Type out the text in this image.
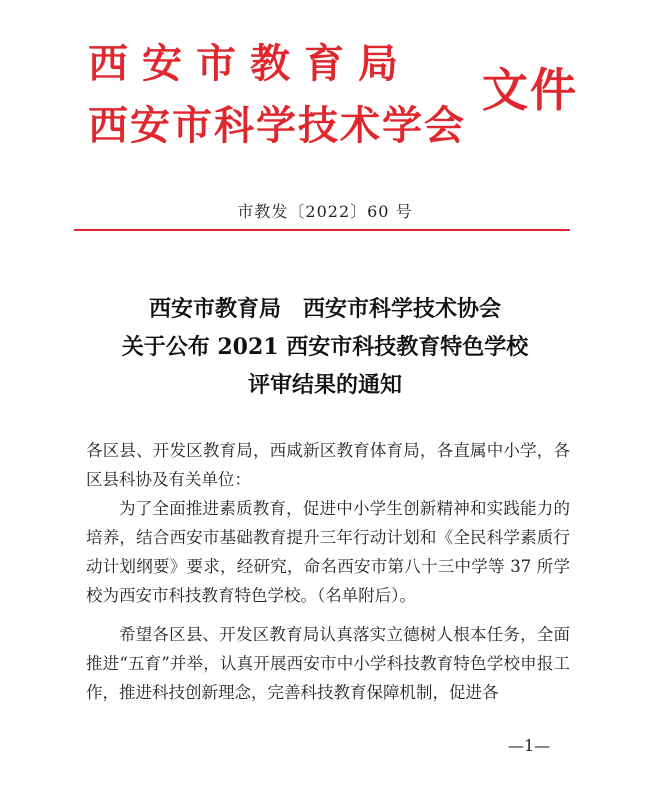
西安市教育局
西安市科学技术学会
文件
市教发〔2022〕60 号
西安市教育局　西安市科学技术协会
关于公布 2021 西安市科技教育特色学校
评审结果的通知

各区县、开发区教育局，西咸新区教育体育局，各直属中小学，各区县科协及有关单位：

为了全面推进素质教育，促进中小学生创新精神和实践能力的培养，结合西安市基础教育提升三年行动计划和《全民科学素质行动计划纲要》要求，经研究，命名西安市第八十三中学等 37 所学校为西安市科技教育特色学校。（名单附后）。

希望各区县、开发区教育局认真落实立德树人根本任务，全面推进“五育”并举，认真开展西安市中小学科技教育特色学校申报工作，推进科技创新理念，完善科技教育保障机制，促进各

—1—
